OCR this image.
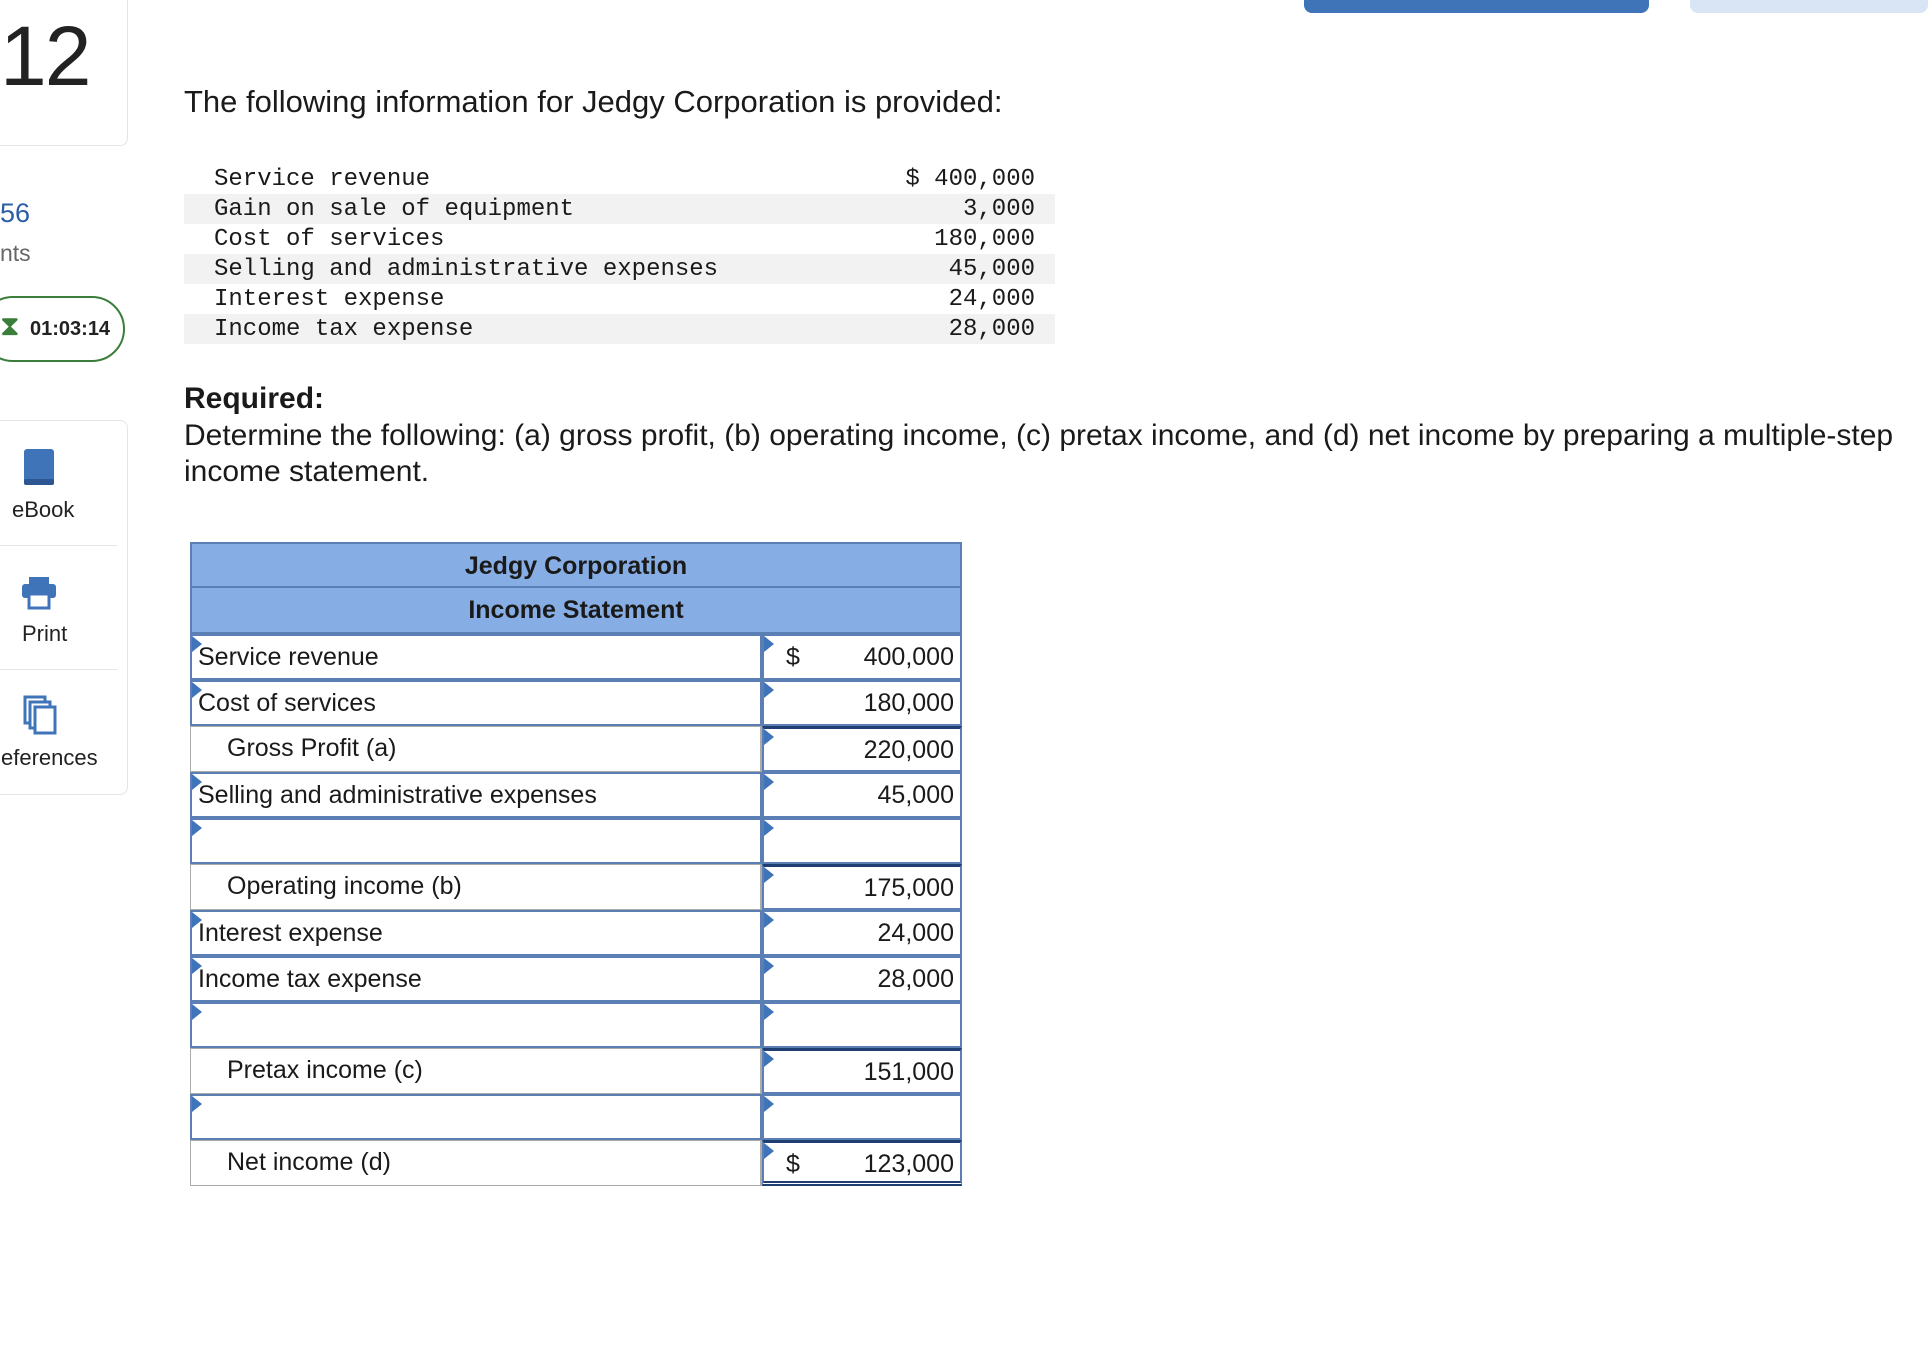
12
56
nts
⧗ 01:03:14
eBook
Print
eferences
The following information for Jedgy Corporation is provided:
Service revenue	$ 400,000
Gain on sale of equipment	3,000
Cost of services	180,000
Selling and administrative expenses	45,000
Interest expense	24,000
Income tax expense	28,000
Required:
Determine the following: (a) gross profit, (b) operating income, (c) pretax income, and (d) net income by preparing a multiple-step income statement.
Jedgy Corporation
Income Statement
Service revenue	$	400,000
Cost of services	180,000
Gross Profit (a)	220,000
Selling and administrative expenses	45,000
Operating income (b)	175,000
Interest expense	24,000
Income tax expense	28,000
Pretax income (c)	151,000
Net income (d)	$	123,000
